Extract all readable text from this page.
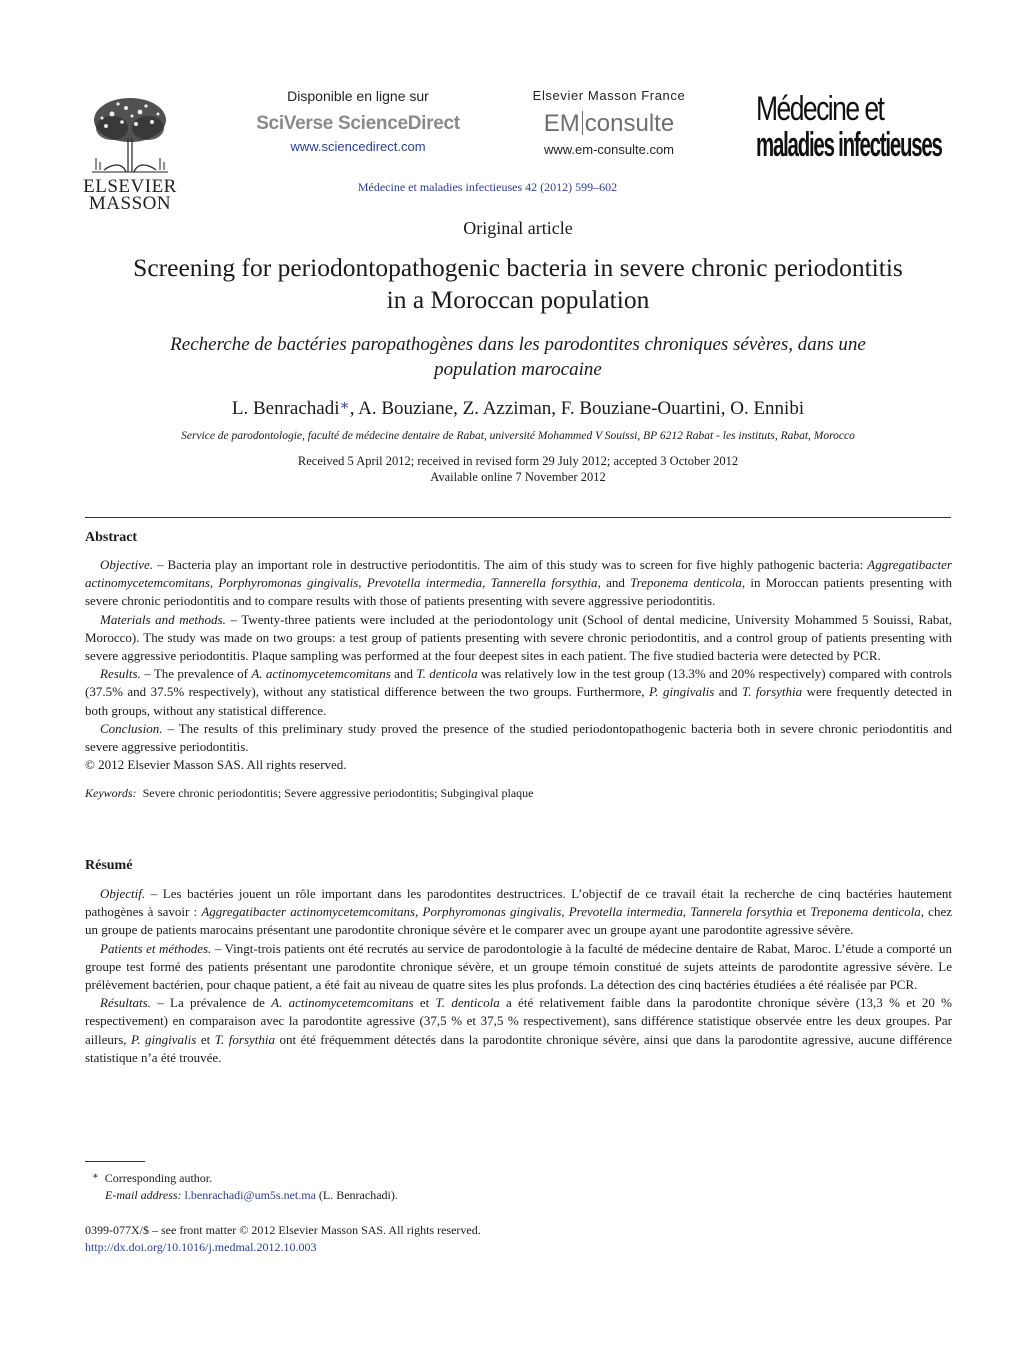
ELSEVIER
MASSON
Disponible en ligne sur
SciVerse ScienceDirect
www.sciencedirect.com
Elsevier Masson France
EM consulte
www.em-consulte.com
Médecine et
maladies infectieuses
Médecine et maladies infectieuses 42 (2012) 599–602
Original article
Screening for periodontopathogenic bacteria in severe chronic periodontitis
in a Moroccan population
Recherche de bactéries paropathogènes dans les parodontites chroniques sévères, dans une
population marocaine
L. Benrachadi∗, A. Bouziane, Z. Azziman, F. Bouziane-Ouartini, O. Ennibi
Service de parodontologie, faculté de médecine dentaire de Rabat, université Mohammed V Souissi, BP 6212 Rabat - les instituts, Rabat, Morocco
Received 5 April 2012; received in revised form 29 July 2012; accepted 3 October 2012
Available online 7 November 2012
Abstract

Objective. – Bacteria play an important role in destructive periodontitis. The aim of this study was to screen for five highly pathogenic bacteria: Aggregatibacter actinomycetemcomitans, Porphyromonas gingivalis, Prevotella intermedia, Tannerella forsythia, and Treponema denticola, in Moroccan patients presenting with severe chronic periodontitis and to compare results with those of patients presenting with severe aggressive periodontitis.

Materials and methods. – Twenty-three patients were included at the periodontology unit (School of dental medicine, University Mohammed 5 Souissi, Rabat, Morocco). The study was made on two groups: a test group of patients presenting with severe chronic periodontitis, and a control group of patients presenting with severe aggressive periodontitis. Plaque sampling was performed at the four deepest sites in each patient. The five studied bacteria were detected by PCR.

Results. – The prevalence of A. actinomycetemcomitans and T. denticola was relatively low in the test group (13.3% and 20% respectively) compared with controls (37.5% and 37.5% respectively), without any statistical difference between the two groups. Furthermore, P. gingivalis and T. forsythia were frequently detected in both groups, without any statistical difference.

Conclusion. – The results of this preliminary study proved the presence of the studied periodontopathogenic bacteria both in severe chronic periodontitis and severe aggressive periodontitis.

© 2012 Elsevier Masson SAS. All rights reserved.

Keywords: Severe chronic periodontitis; Severe aggressive periodontitis; Subgingival plaque
Résumé

Objectif. – Les bactéries jouent un rôle important dans les parodontites destructrices. L’objectif de ce travail était la recherche de cinq bactéries hautement pathogènes à savoir : Aggregatibacter actinomycetemcomitans, Porphyromonas gingivalis, Prevotella intermedia, Tannerela forsythia et Treponema denticola, chez un groupe de patients marocains présentant une parodontite chronique sévère et le comparer avec un groupe ayant une parodontite agressive sévère.

Patients et méthodes. – Vingt-trois patients ont été recrutés au service de parodontologie à la faculté de médecine dentaire de Rabat, Maroc. L’étude a comporté un groupe test formé des patients présentant une parodontite chronique sévère, et un groupe témoin constitué de sujets atteints de parodontite agressive sévère. Le prélèvement bactérien, pour chaque patient, a été fait au niveau de quatre sites les plus profonds. La détection des cinq bactéries étudiées a été réalisée par PCR.

Résultats. – La prévalence de A. actinomycetemcomitans et T. denticola a été relativement faible dans la parodontite chronique sévère (13,3 % et 20 % respectivement) en comparaison avec la parodontite agressive (37,5 % et 37,5 % respectivement), sans différence statistique observée entre les deux groupes. Par ailleurs, P. gingivalis et T. forsythia ont été fréquemment détectés dans la parodontite chronique sévère, ainsi que dans la parodontite agressive, aucune différence statistique n’a été trouvée.

∗ Corresponding author.
E-mail address: l.benrachadi@um5s.net.ma (L. Benrachadi).
0399-077X/$ – see front matter © 2012 Elsevier Masson SAS. All rights reserved.
http://dx.doi.org/10.1016/j.medmal.2012.10.003
